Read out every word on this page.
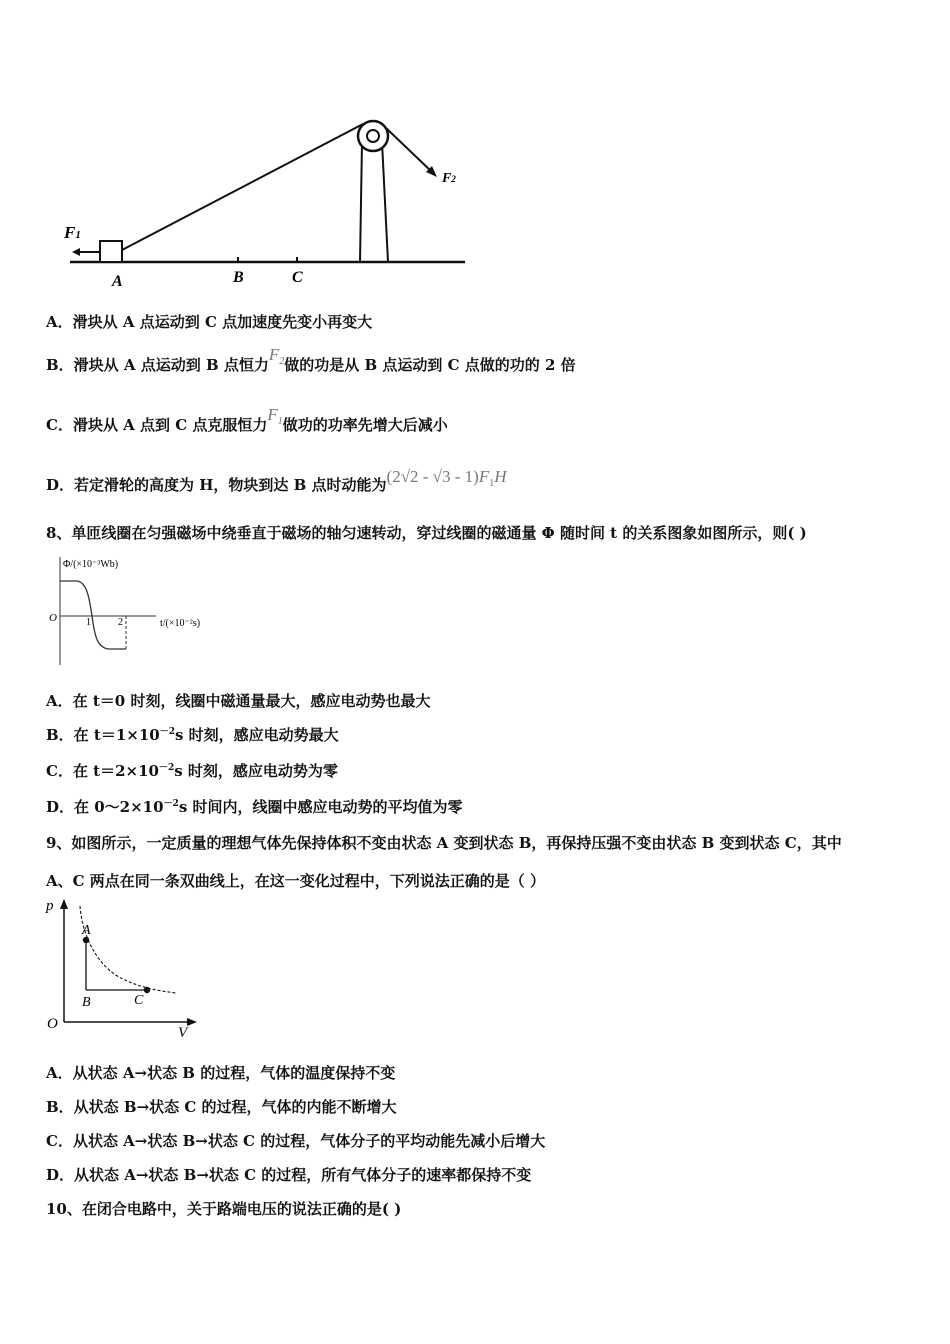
F1
F2
A	B	C
A．滑块从 A 点运动到 C 点加速度先变小再变大
B．滑块从 A 点运动到 B 点恒力$F_2$做的功是从 B 点运动到 C 点做的功的 2 倍
C．滑块从 A 点到 C 点克服恒力$F_1$做功的功率先增大后减小
D．若定滑轮的高度为 H，物块到达 B 点时动能为$(2√2 - √3 - 1)F_1H$
8、单匝线圈在匀强磁场中绕垂直于磁场的轴匀速转动，穿过线圈的磁通量 Φ 随时间 t 的关系图象如图所示，则( )
Φ/(×10⁻³Wb)
O	t/(×10⁻²s)
1	2
A．在 t＝0 时刻，线圈中磁通量最大，感应电动势也最大
B．在 $t=1\times 10^{-2}s$ 时刻，感应电动势最大
C．在 $t=2\times 10^{-2}s$ 时刻，感应电动势为零
D．在 $0\sim 2\times 10^{-2}s$ 时间内，线圈中感应电动势的平均值为零
9、如图所示，一定质量的理想气体先保持体积不变由状态 A 变到状态 B，再保持压强不变由状态 B 变到状态 C，其中
A、C 两点在同一条双曲线上，在这一变化过程中，下列说法正确的是（ ）
p
V
O
A
B	C
A．从状态 A→状态 B 的过程，气体的温度保持不变
B．从状态 B→状态 C 的过程，气体的内能不断增大
C．从状态 A→状态 B→状态 C 的过程，气体分子的平均动能先减小后增大
D．从状态 A→状态 B→状态 C 的过程，所有气体分子的速率都保持不变
10、在闭合电路中，关于路端电压的说法正确的是( )
